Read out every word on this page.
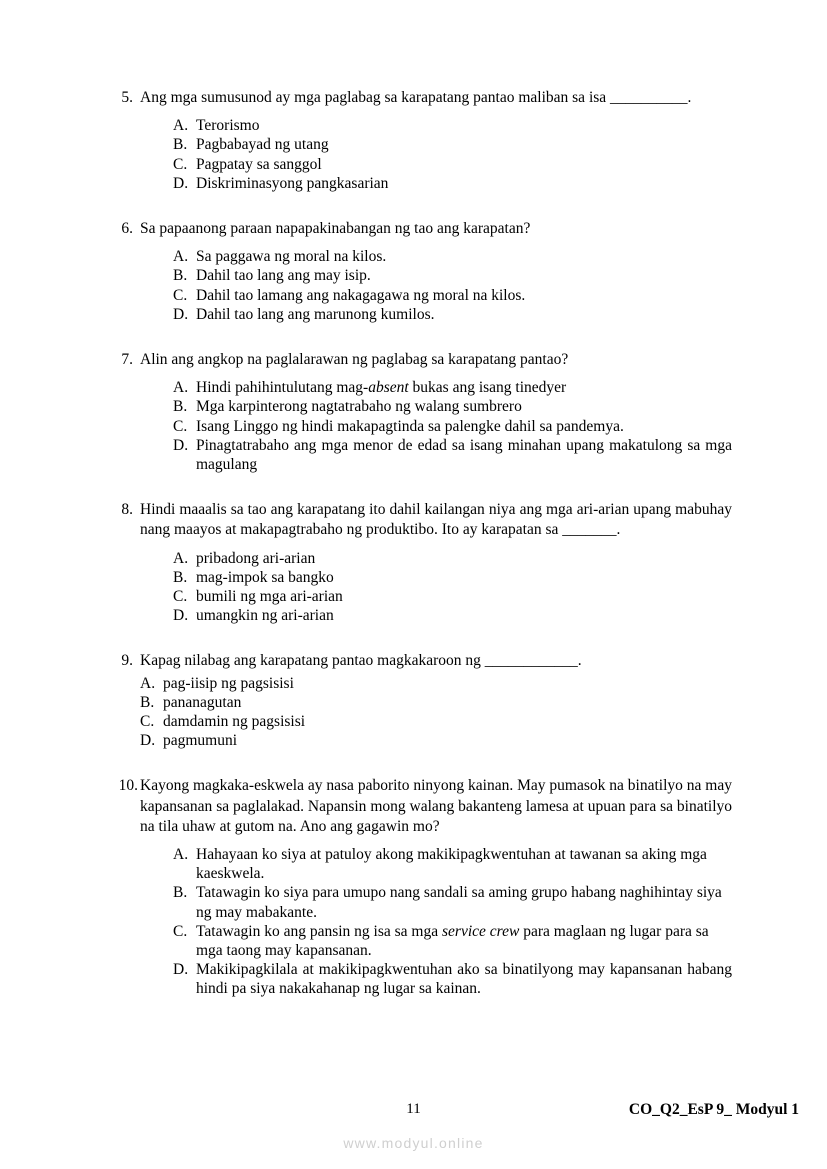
5. Ang mga sumusunod ay mga paglabag sa karapatang pantao maliban sa isa __________.
A. Terorismo
B. Pagbabayad ng utang
C. Pagpatay sa sanggol
D. Diskriminasyong pangkasarian
6. Sa papaanong paraan napapakinabangan ng tao ang karapatan?
A. Sa paggawa ng moral na kilos.
B. Dahil tao lang ang may isip.
C. Dahil tao lamang ang nakagagawa ng moral na kilos.
D. Dahil tao lang ang marunong kumilos.
7. Alin ang angkop na paglalarawan ng paglabag sa karapatang pantao?
A. Hindi pahihintulutang mag-absent bukas ang isang tinedyer
B. Mga karpinterong nagtatrabaho ng walang sumbrero
C. Isang Linggo ng hindi makapagtinda sa palengke dahil sa pandemya.
D. Pinagtatrabaho ang mga menor de edad sa isang minahan upang makatulong sa mga magulang
8. Hindi maaalis sa tao ang karapatang ito dahil kailangan niya ang mga ari-arian upang mabuhay nang maayos at makapagtrabaho ng produktibo. Ito ay karapatan sa _______.
A. pribadong ari-arian
B. mag-impok sa bangko
C. bumili ng mga ari-arian
D. umangkin ng ari-arian
9. Kapag nilabag ang karapatang pantao magkakaroon ng ____________.
A. pag-iisip ng pagsisisi
B. pananagutan
C. damdamin ng pagsisisi
D. pagmumuni
10. Kayong magkaka-eskwela ay nasa paborito ninyong kainan. May pumasok na binatilyo na may kapansanan sa paglalakad. Napansin mong walang bakanteng lamesa at upuan para sa binatilyo na tila uhaw at gutom na. Ano ang gagawin mo?
A. Hahayaan ko siya at patuloy akong makikipagkwentuhan at tawanan sa aking mga kaeskwela.
B. Tatawagin ko siya para umupo nang sandali sa aming grupo habang naghihintay siya ng may mabakante.
C. Tatawagin ko ang pansin ng isa sa mga service crew para maglaan ng lugar para sa mga taong may kapansanan.
D. Makikipagkilala at makikipagkwentuhan ako sa binatilyong may kapansanan habang hindi pa siya nakakahanap ng lugar sa kainan.
11	CO_Q2_EsP 9_ Modyul 1
www.modyul.online
